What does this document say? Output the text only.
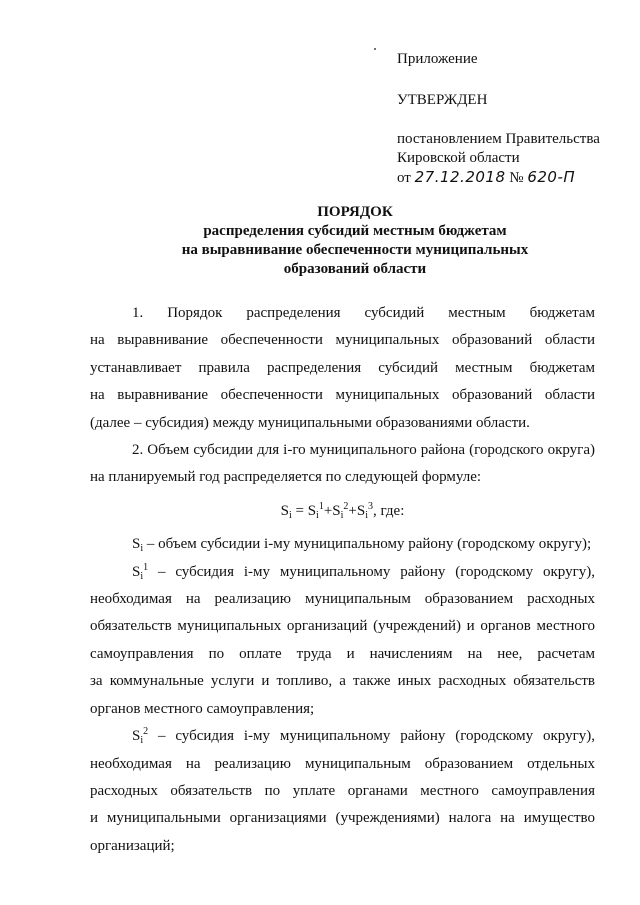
Приложение
УТВЕРЖДЕН
постановлением Правительства
Кировской области
от 27.12.2018 № 620-П
ПОРЯДОК
распределения субсидий местным бюджетам
на выравнивание обеспеченности муниципальных
образований области
1. Порядок распределения субсидий местным бюджетам
на выравнивание обеспеченности муниципальных образований области
устанавливает правила распределения субсидий местным бюджетам
на выравнивание обеспеченности муниципальных образований области
(далее – субсидия) между муниципальными образованиями области.
2. Объем субсидии для i-го муниципального района (городского округа)
на планируемый год распределяется по следующей формуле:
$S_i = S_i^1+S_i^2+S_i^3$, где:
$S_i$ – объем субсидии i-му муниципальному району (городскому округу);
$S_i^1$ – субсидия i-му муниципальному району (городскому округу),
необходимая на реализацию муниципальным образованием расходных
обязательств муниципальных организаций (учреждений) и органов местного
самоуправления по оплате труда и начислениям на нее, расчетам
за коммунальные услуги и топливо, а также иных расходных обязательств
органов местного самоуправления;
$S_i^2$ – субсидия i-му муниципальному району (городскому округу),
необходимая на реализацию муниципальным образованием отдельных
расходных обязательств по уплате органами местного самоуправления
и муниципальными организациями (учреждениями) налога на имущество
организаций;
